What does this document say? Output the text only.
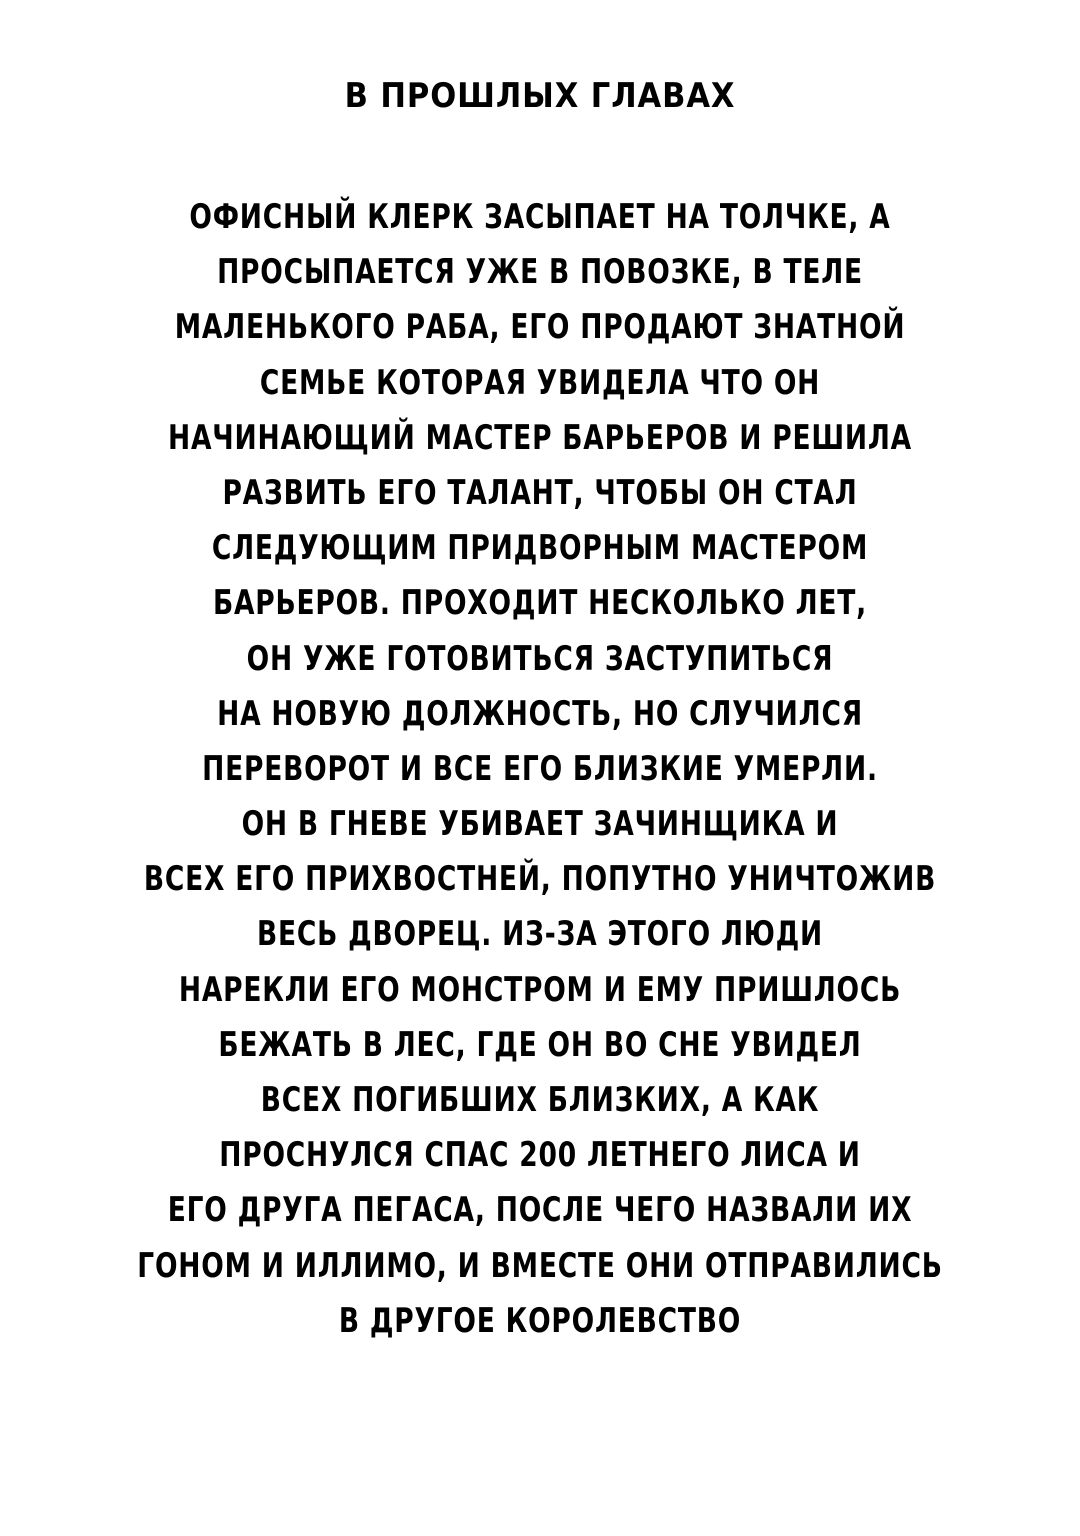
В ПРОШЛЫХ ГЛАВАХ
ОФИСНЫЙ КЛЕРК ЗАСЫПАЕТ НА ТОЛЧКЕ, А
ПРОСЫПАЕТСЯ УЖЕ В ПОВОЗКЕ, В ТЕЛЕ
МАЛЕНЬКОГО РАБА, ЕГО ПРОДАЮТ ЗНАТНОЙ
СЕМЬЕ КОТОРАЯ УВИДЕЛА ЧТО ОН
НАЧИНАЮЩИЙ МАСТЕР БАРЬЕРОВ И РЕШИЛА
РАЗВИТЬ ЕГО ТАЛАНТ, ЧТОБЫ ОН СТАЛ
СЛЕДУЮЩИМ ПРИДВОРНЫМ МАСТЕРОМ
БАРЬЕРОВ. ПРОХОДИТ НЕСКОЛЬКО ЛЕТ,
ОН УЖЕ ГОТОВИТЬСЯ ЗАСТУПИТЬСЯ
НА НОВУЮ ДОЛЖНОСТЬ, НО СЛУЧИЛСЯ
ПЕРЕВОРОТ И ВСЕ ЕГО БЛИЗКИЕ УМЕРЛИ.
ОН В ГНЕВЕ УБИВАЕТ ЗАЧИНЩИКА И
ВСЕХ ЕГО ПРИХВОСТНЕЙ, ПОПУТНО УНИЧТОЖИВ
ВЕСЬ ДВОРЕЦ. ИЗ-ЗА ЭТОГО ЛЮДИ
НАРЕКЛИ ЕГО МОНСТРОМ И ЕМУ ПРИШЛОСЬ
БЕЖАТЬ В ЛЕС, ГДЕ ОН ВО СНЕ УВИДЕЛ
ВСЕХ ПОГИБШИХ БЛИЗКИХ, А КАК
ПРОСНУЛСЯ СПАС 200 ЛЕТНЕГО ЛИСА И
ЕГО ДРУГА ПЕГАСА, ПОСЛЕ ЧЕГО НАЗВАЛИ ИХ
ГОНОМ И ИЛЛИМО, И ВМЕСТЕ ОНИ ОТПРАВИЛИСЬ
В ДРУГОЕ КОРОЛЕВСТВО
